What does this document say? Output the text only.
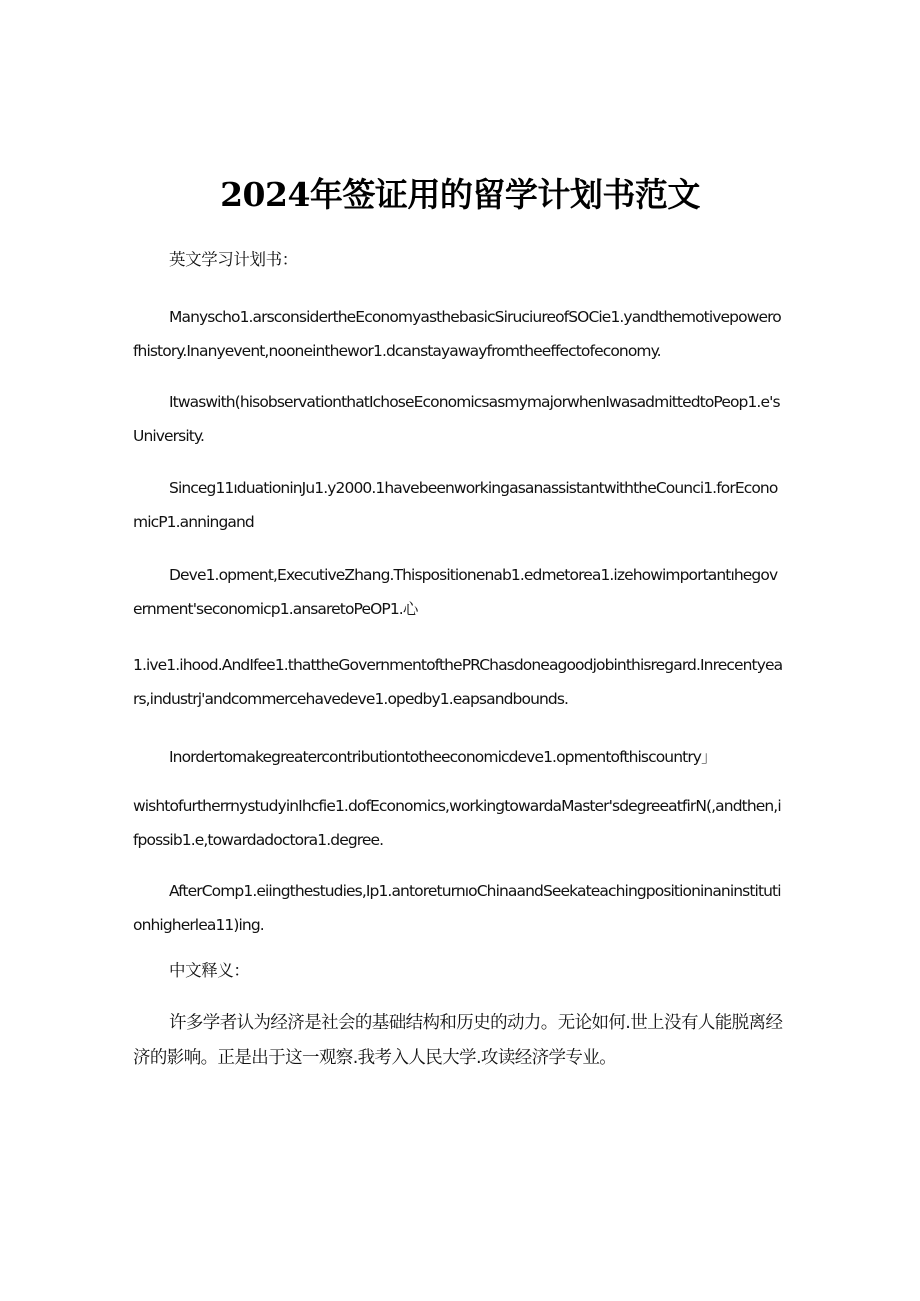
2024年签证用的留学计划书范文
英文学习计划书：
Manyscho1.arsconsidertheEconomyasthebasicSiruciureofSOCie1.yandthemotivepowerofhistory.Inanyevent,nooneinthewor1.dcanstayawayfromtheeffectofeconomy.
Itwaswith(hisobservationthatIchoseEconomicsasmymajorwhenIwasadmittedtoPeop1.e'sUniversity.
Sinceg11ıduationinJu1.y2000.1havebeenworkingasanassistantwiththeCounci1.forEconomicP1.anningand
Deve1.opment,ExecutiveZhang.Thispositionenab1.edmetorea1.izehowimportantıhegovernment'seconomicp1.ansaretoPeOP1.心
1.ive1.ihood.AndIfee1.thattheGovernmentofthePRChasdoneagoodjobinthisregard.Inrecentyears,industrj'andcommercehavedeve1.opedby1.eapsandbounds.
Inordertomakegreatercontributiontotheeconomicdeve1.opmentofthiscountry」
wishtofurtherrnystudyinIhcfie1.dofEconomics,workingtowardaMaster'sdegreeatfirN(,andthen,ifpossib1.e,towardadoctora1.degree.
AfterComp1.eiingthestudies,Ip1.antoreturnıoChinaandSeekateachingpositioninaninstitutionhigherlea11)ing.
中文释义：
许多学者认为经济是社会的基础结构和历史的动力。无论如何.世上没有人能脱离经济的影响。正是出于这一观察.我考入人民大学.攻读经济学专业。
